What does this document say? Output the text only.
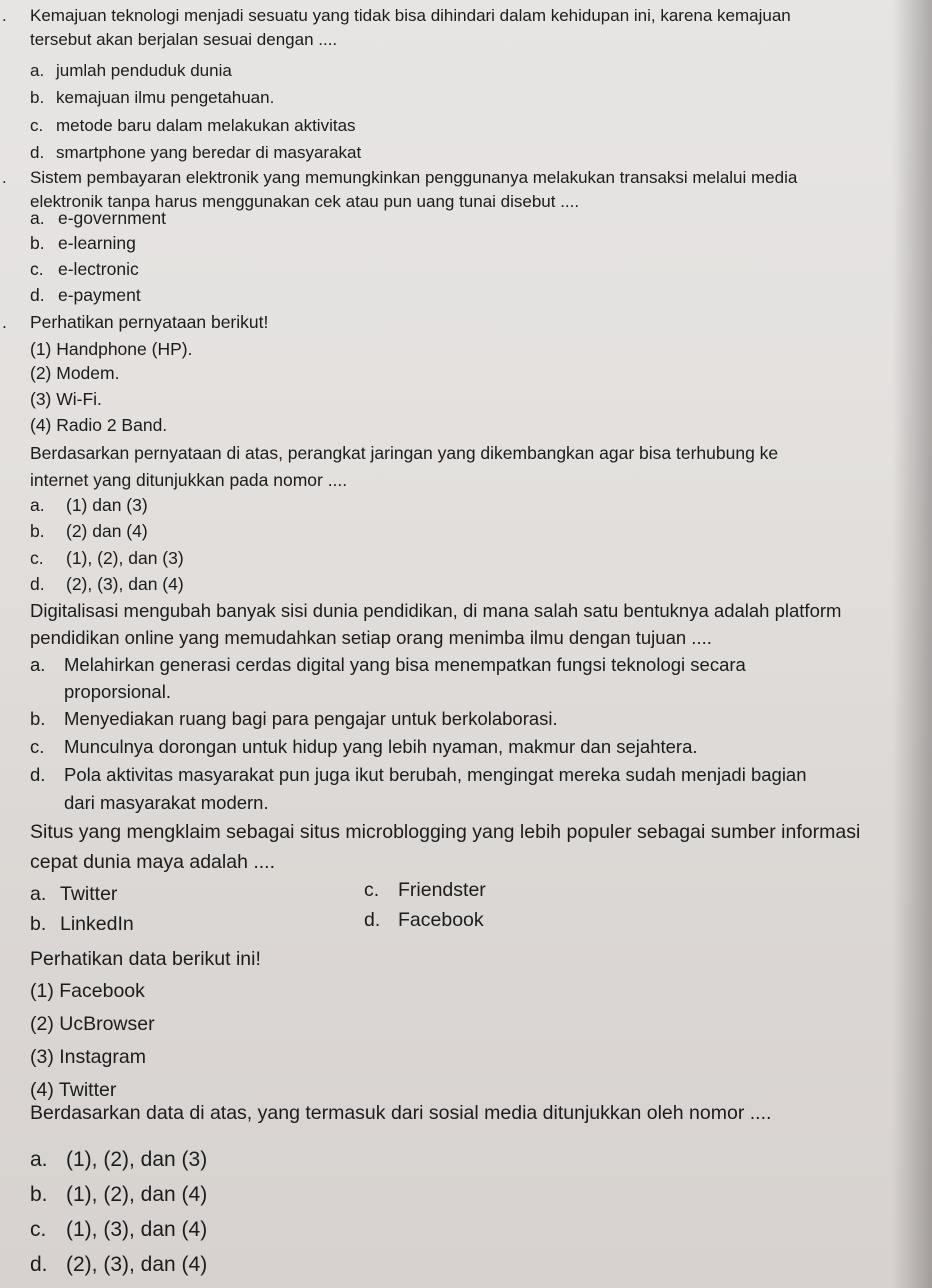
. Kemajuan teknologi menjadi sesuatu yang tidak bisa dihindari dalam kehidupan ini, karena kemajuan
tersebut akan berjalan sesuai dengan ....
a. jumlah penduduk dunia
b. kemajuan ilmu pengetahuan.
c. metode baru dalam melakukan aktivitas
d. smartphone yang beredar di masyarakat
. Sistem pembayaran elektronik yang memungkinkan penggunanya melakukan transaksi melalui media
elektronik tanpa harus menggunakan cek atau pun uang tunai disebut ....
a. e-government
b. e-learning
c. e-lectronic
d. e-payment
. Perhatikan pernyataan berikut!
(1) Handphone (HP).
(2) Modem.
(3) Wi-Fi.
(4) Radio 2 Band.
Berdasarkan pernyataan di atas, perangkat jaringan yang dikembangkan agar bisa terhubung ke
internet yang ditunjukkan pada nomor ....
a. (1) dan (3)
b. (2) dan (4)
c. (1), (2), dan (3)
d. (2), (3), dan (4)
Digitalisasi mengubah banyak sisi dunia pendidikan, di mana salah satu bentuknya adalah platform
pendidikan online yang memudahkan setiap orang menimba ilmu dengan tujuan ....
a. Melahirkan generasi cerdas digital yang bisa menempatkan fungsi teknologi secara
proporsional.
b. Menyediakan ruang bagi para pengajar untuk berkolaborasi.
c. Munculnya dorongan untuk hidup yang lebih nyaman, makmur dan sejahtera.
d. Pola aktivitas masyarakat pun juga ikut berubah, mengingat mereka sudah menjadi bagian
dari masyarakat modern.
Situs yang mengklaim sebagai situs microblogging yang lebih populer sebagai sumber informasi
cepat dunia maya adalah ....
a. Twitter
b. LinkedIn
c. Friendster
d. Facebook
Perhatikan data berikut ini!
(1) Facebook
(2) UcBrowser
(3) Instagram
(4) Twitter
Berdasarkan data di atas, yang termasuk dari sosial media ditunjukkan oleh nomor ....
a. (1), (2), dan (3)
b. (1), (2), dan (4)
c. (1), (3), dan (4)
d. (2), (3), dan (4)
